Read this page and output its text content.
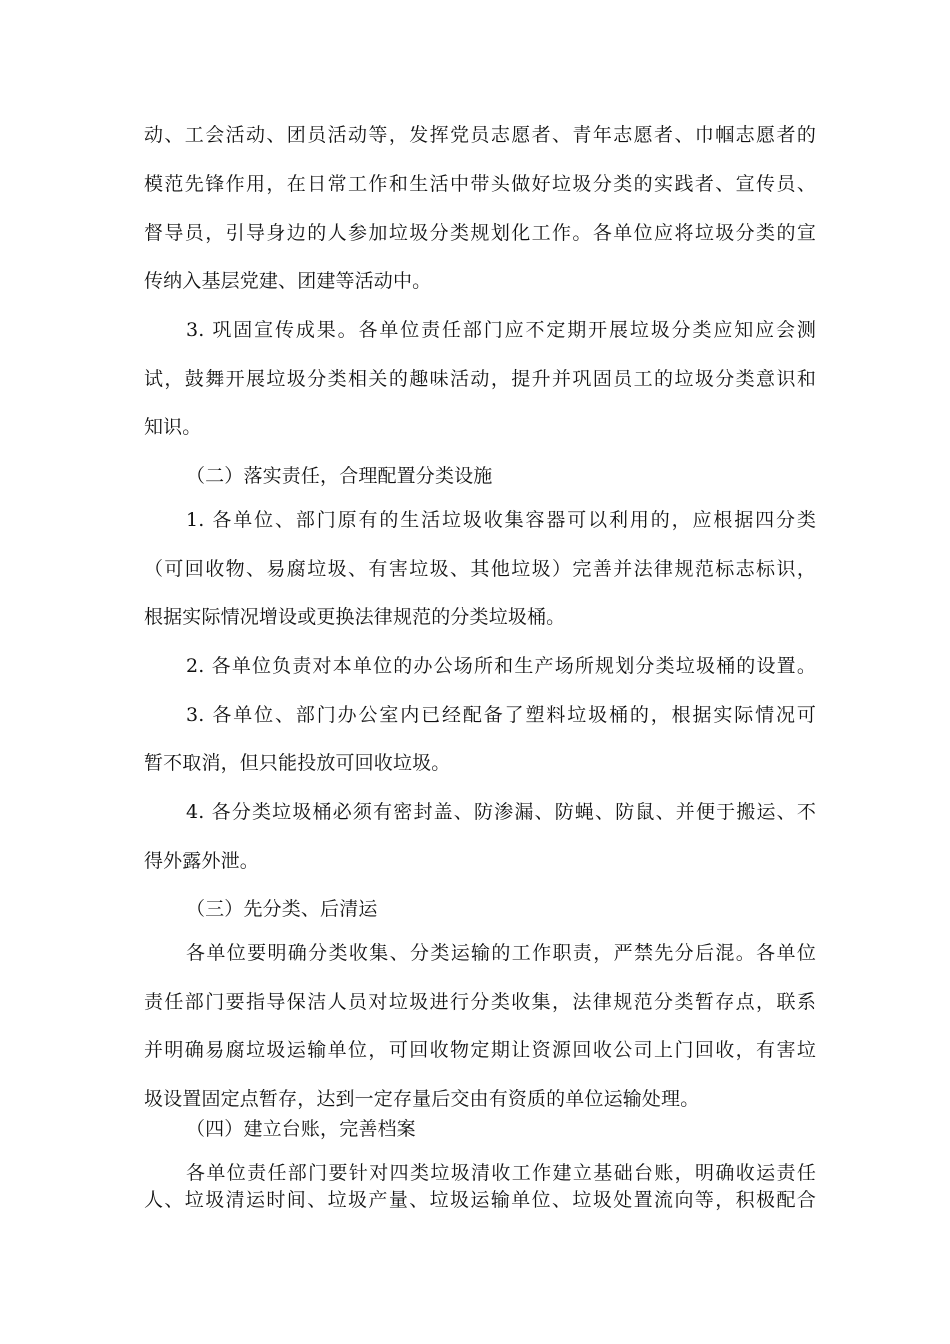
动、工会活动、团员活动等，发挥党员志愿者、青年志愿者、巾帼志愿者的
模范先锋作用，在日常工作和生活中带头做好垃圾分类的实践者、宣传员、
督导员，引导身边的人参加垃圾分类规划化工作。各单位应将垃圾分类的宣
传纳入基层党建、团建等活动中。
3. 巩固宣传成果。各单位责任部门应不定期开展垃圾分类应知应会测
试，鼓舞开展垃圾分类相关的趣味活动，提升并巩固员工的垃圾分类意识和
知识。
（二）落实责任，合理配置分类设施
1. 各单位、部门原有的生活垃圾收集容器可以利用的，应根据四分类
（可回收物、易腐垃圾、有害垃圾、其他垃圾）完善并法律规范标志标识，
根据实际情况增设或更换法律规范的分类垃圾桶。
2. 各单位负责对本单位的办公场所和生产场所规划分类垃圾桶的设置。
3. 各单位、部门办公室内已经配备了塑料垃圾桶的，根据实际情况可
暂不取消，但只能投放可回收垃圾。
4. 各分类垃圾桶必须有密封盖、防渗漏、防蝇、防鼠、并便于搬运、不
得外露外泄。
（三）先分类、后清运
各单位要明确分类收集、分类运输的工作职责，严禁先分后混。各单位
责任部门要指导保洁人员对垃圾进行分类收集，法律规范分类暂存点，联系
并明确易腐垃圾运输单位，可回收物定期让资源回收公司上门回收，有害垃
圾设置固定点暂存，达到一定存量后交由有资质的单位运输处理。
（四）建立台账，完善档案
各单位责任部门要针对四类垃圾清收工作建立基础台账，明确收运责任
人、垃圾清运时间、垃圾产量、垃圾运输单位、垃圾处置流向等，积极配合
